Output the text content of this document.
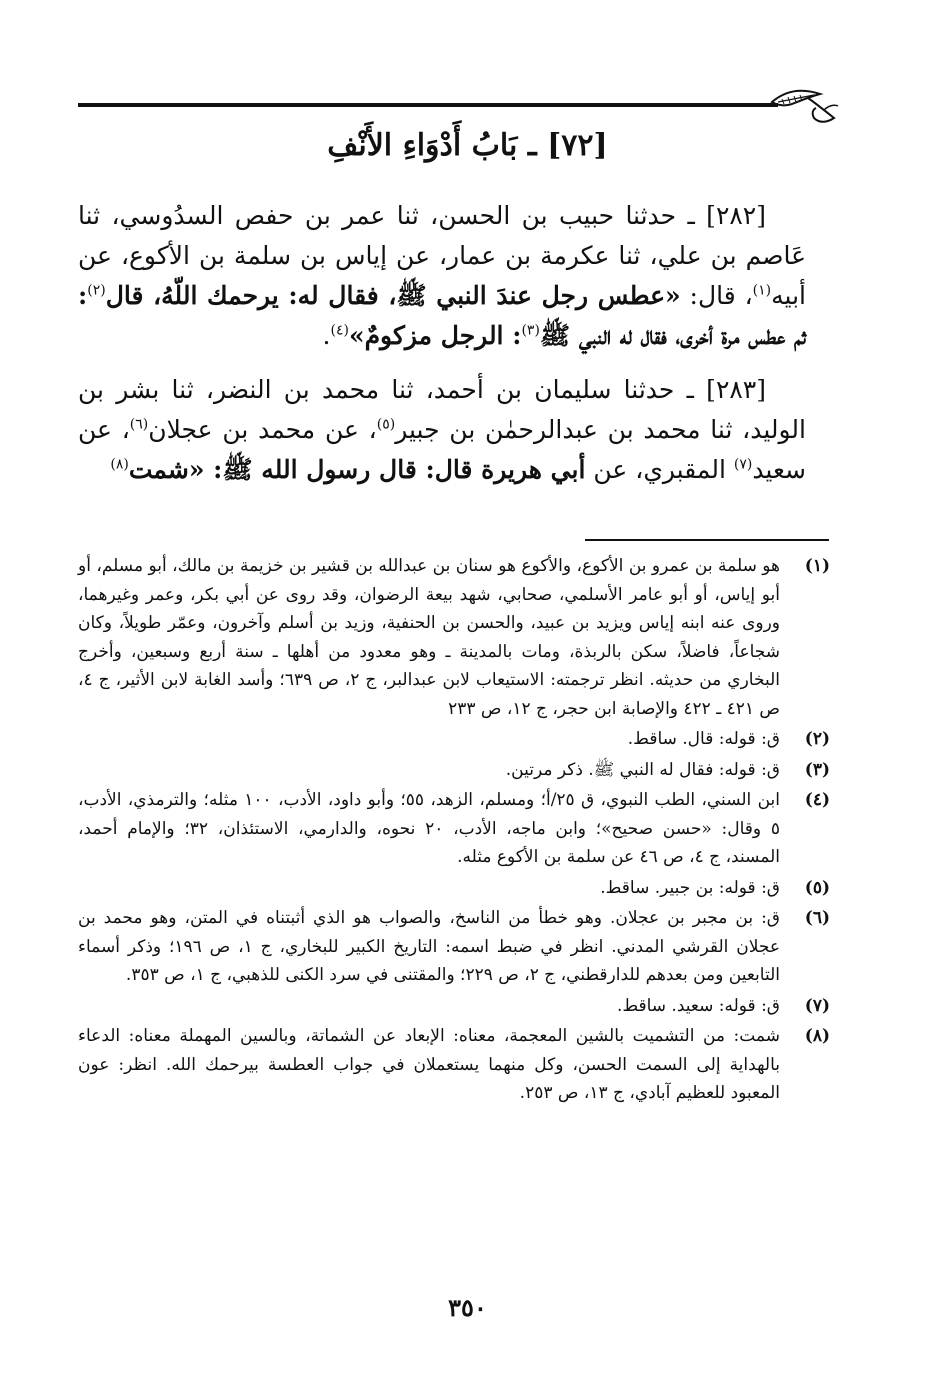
[٧٢] ـ بَابُ أَدْوَاءِ الأَنْفِ

[٢٨٢] ـ حدثنا حبيب بن الحسن، ثنا عمر بن حفص السدُوسي، ثنا عَاصم بن علي، ثنا عكرمة بن عمار، عن إياس بن سلمة بن الأكوع، عن أبيه$^{(١)}$، قال: «عطس رجل عندَ النبي ﷺ، فقال له: يرحمك اللّهُ، قال$^{(٢)}$: ثم عطس مرة أخرى، فقال له النبي ﷺ$^{(٣)}$: الرجل مزكومٌ»$^{(٤)}$.

[٢٨٣] ـ حدثنا سليمان بن أحمد، ثنا محمد بن النضر، ثنا بشر بن الوليد، ثنا محمد بن عبدالرحمٰن بن جبير$^{(٥)}$، عن محمد بن عجلان$^{(٦)}$، عن سعيد$^{(٧)}$ المقبري، عن أبي هريرة قال: قال رسول الله ﷺ: «شمت$^{(٨)}$

(١)
هو سلمة بن عمرو بن الأكوع، والأكوع هو سنان بن عبدالله بن قشير بن خزيمة بن مالك، أبو مسلم، أو أبو إياس، أو أبو عامر الأسلمي، صحابي، شهد بيعة الرضوان، وقد روى عن أبي بكر، وعمر وغيرهما، وروى عنه ابنه إياس ويزيد بن عبيد، والحسن بن الحنفية، وزيد بن أسلم وآخرون، وعمّر طويلاً، وكان شجاعاً، فاضلاً، سكن بالربذة، ومات بالمدينة ـ وهو معدود من أهلها ـ سنة أربع وسبعين، وأخرج البخاري من حديثه. انظر ترجمته: الاستيعاب لابن عبدالبر، ج ٢، ص ٦٣٩؛ وأسد الغابة لابن الأثير، ج ٤، ص ٤٢١ ـ ٤٢٢ والإصابة ابن حجر، ج ١٢، ص ٢٣٣
(٢)
ق: قوله: قال. ساقط.
(٣)
ق: قوله: فقال له النبي ﷺ. ذكر مرتين.
(٤)
ابن السني، الطب النبوي، ق ٢٥/أ؛ ومسلم، الزهد، ٥٥؛ وأبو داود، الأدب، ١٠٠ مثله؛ والترمذي، الأدب، ٥ وقال: «حسن صحيح»؛ وابن ماجه، الأدب، ٢٠ نحوه، والدارمي، الاستئذان، ٣٢؛ والإمام أحمد، المسند، ج ٤، ص ٤٦ عن سلمة بن الأكوع مثله.
(٥)
ق: قوله: بن جبير. ساقط.
(٦)
ق: بن مجبر بن عجلان. وهو خطأ من الناسخ، والصواب هو الذي أثبتناه في المتن، وهو محمد بن عجلان القرشي المدني. انظر في ضبط اسمه: التاريخ الكبير للبخاري، ج ١، ص ١٩٦؛ وذكر أسماء التابعين ومن بعدهم للدارقطني، ج ٢، ص ٢٢٩؛ والمقتنى في سرد الكنى للذهبي، ج ١، ص ٣٥٣.
(٧)
ق: قوله: سعيد. ساقط.
(٨)
شمت: من التشميت بالشين المعجمة، معناه: الإبعاد عن الشماتة، وبالسين المهملة معناه: الدعاء بالهداية إلى السمت الحسن، وكل منهما يستعملان في جواب العطسة بيرحمك الله. انظر: عون المعبود للعظيم آبادي، ج ١٣، ص ٢٥٣.
٣٥٠
